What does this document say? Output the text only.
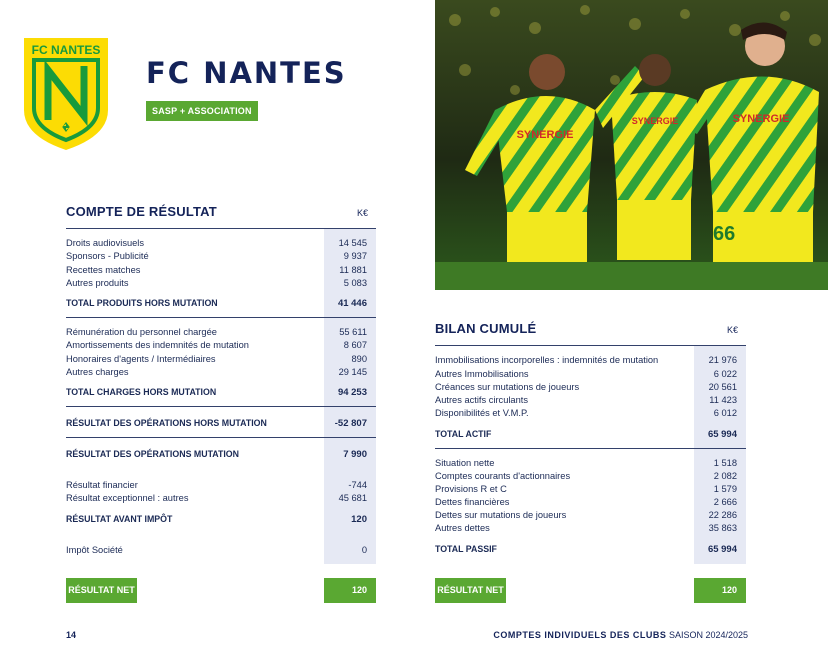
FC NANTES
FC NANTES
SASP + ASSOCIATION
SYNERGIE
SYNERGIE	SYNERGIE
66
COMPTE DE RÉSULTAT	K€
Droits audiovisuels	14 545
Sponsors - Publicité	9 937
Recettes matches	11 881
Autres produits	5 083
TOTAL PRODUITS HORS MUTATION	41 446
Rémunération du personnel chargée	55 611
Amortissements des indemnités de mutation	8 607
Honoraires d'agents / Intermédiaires	890
Autres charges	29 145
TOTAL CHARGES HORS MUTATION	94 253
RÉSULTAT DES OPÉRATIONS HORS MUTATION	-52 807
RÉSULTAT DES OPÉRATIONS MUTATION	7 990
Résultat financier	-744
Résultat exceptionnel : autres	45 681
RÉSULTAT AVANT IMPÔT	120
Impôt Société	0
RÉSULTAT NET	120
BILAN CUMULÉ	K€
Immobilisations incorporelles : indemnités de mutation	21 976
Autres Immobilisations	6 022
Créances sur mutations de joueurs	20 561
Autres actifs circulants	11 423
Disponibilités et V.M.P.	6 012
TOTAL ACTIF	65 994
Situation nette	1 518
Comptes courants d'actionnaires	2 082
Provisions R et C	1 579
Dettes financières	2 666
Dettes sur mutations de joueurs	22 286
Autres dettes	35 863
TOTAL PASSIF	65 994
RÉSULTAT NET	120
14	COMPTES INDIVIDUELS DES CLUBS SAISON 2024/2025
